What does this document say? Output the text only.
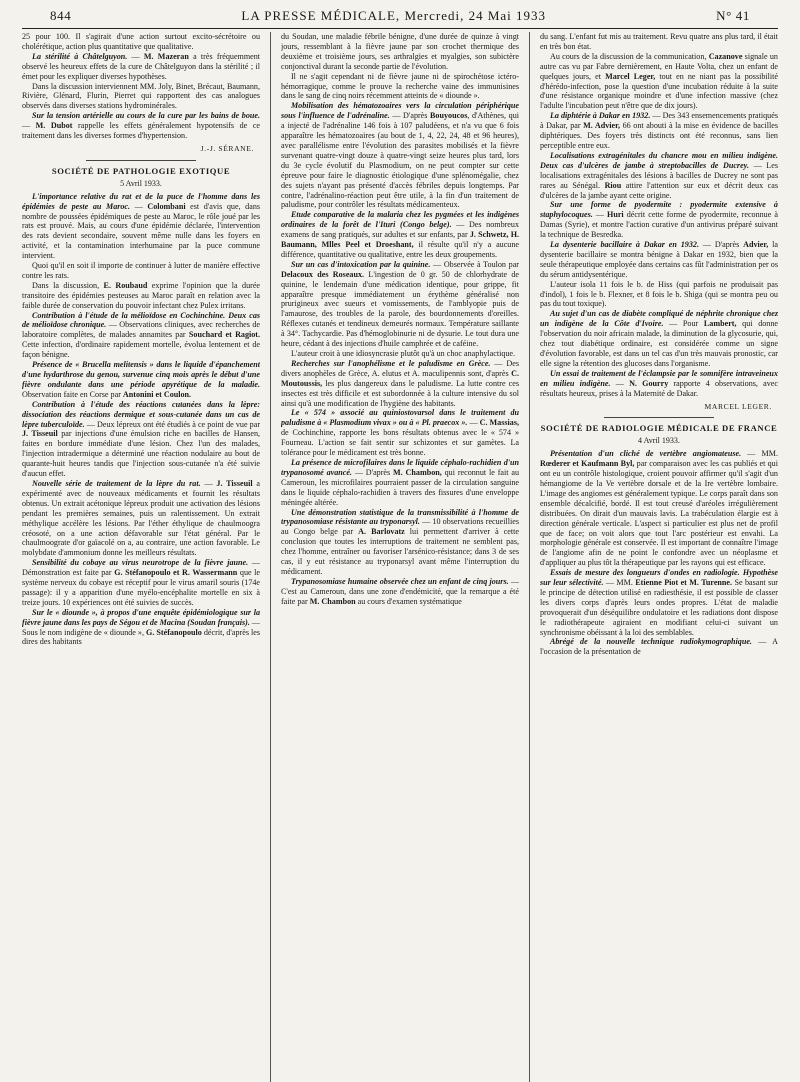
844	LA PRESSE MÉDICALE, Mercredi, 24 Mai 1933	N° 41

25 pour 100. Il s'agirait d'une action surtout excito-sécrétoire ou cholérétique, action plus quantitative que qualitative.

La stérilité à Châtelguyon. — M. Mazeran a très fréquemment observé les heureux effets de la cure de Châtelguyon dans la stérilité ; il émet pour les expliquer diverses hypothèses.

Dans la discussion interviennent MM. Joly, Binet, Brécaut, Baumann, Rivière, Glénard, Flurin, Pierret qui rapportent des cas analogues observés dans diverses stations hydrominérales.

Sur la tension artérielle au cours de la cure par les bains de boue. — M. Dubot rappelle les effets généralement hypotensifs de ce traitement dans les diverses formes d'hypertension.

J.-J. SÉRANE.
SOCIÉTÉ DE PATHOLOGIE EXOTIQUE
5 Avril 1933.

L'importance relative du rat et de la puce de l'homme dans les épidémies de peste au Maroc. — Colombani est d'avis que, dans nombre de poussées épidémiques de peste au Maroc, le rôle joué par les rats est prouvé. Mais, au cours d'une épidémie déclarée, l'intervention des rats devient secondaire, souvent même nulle dans les foyers en activité, et la contamination interhumaine par la puce commune intervient.

Quoi qu'il en soit il importe de continuer à lutter de manière effective contre les rats.

Dans la discussion, E. Roubaud exprime l'opinion que la durée transitoire des épidémies pesteuses au Maroc paraît en relation avec la faible durée de conservation du pouvoir infectant chez Pulex irritans.

Contribution à l'étude de la mélioïdose en Cochinchine. Deux cas de mélioïdose chronique. — Observations cliniques, avec recherches de laboratoire complètes, de malades annamites par Souchard et Ragiot. Cette infection, d'ordinaire rapidement mortelle, évolua lentement et de façon bénigne.

Présence de « Brucella melitensis » dans le liquide d'épanchement d'une hydarthrose du genou, survenue cinq mois après le début d'une fièvre ondulante dans une période apyrétique de la maladie. Observation faite en Corse par Antonini et Coulon.

Contribution à l'étude des réactions cutanées dans la lèpre: dissociation des réactions dermique et sous-cutanée dans un cas de lèpre tuberculoïde. — Deux lépreux ont été étudiés à ce point de vue par J. Tisseuil par injections d'une émulsion riche en bacilles de Hansen, faites en bordure immédiate d'une lésion. Chez l'un des malades, l'injection intradermique a déterminé une réaction nodulaire au bout de quarante-huit heures tandis que l'injection sous-cutanée n'a été suivie d'aucun effet.

Nouvelle série de traitement de la lèpre du rat. — J. Tisseuil a expérimenté avec de nouveaux médicaments et fournit les résultats obtenus. Un extrait acétonique lépreux produit une activation des lésions pendant les premières semaines, puis un ralentissement. Un extrait méthylique accélère les lésions. Par l'éther éthylique de chaulmoogra créosoté, on a une action défavorable sur l'état général. Par le chaulmoograte d'or gaïacolé on a, au contraire, une action favorable. Le molybdate d'ammonium donne les meilleurs résultats.

Sensibilité du cobaye au virus neurotrope de la fièvre jaune. — Démonstration est faite par G. Stéfanopoulo et R. Wassermann que le système nerveux du cobaye est réceptif pour le virus amaril souris (174e passage): il y a apparition d'une myélo-encéphalite mortelle en six à treize jours. 10 expériences ont été suivies de succès.

Sur le « diounde », à propos d'une enquête épidémiologique sur la fièvre jaune dans les pays de Ségou et de Macina (Soudan français). — Sous le nom indigène de « diounde », G. Stéfanopoulo décrit, d'après les dires des habitants

du Soudan, une maladie fébrile bénigne, d'une durée de quinze à vingt jours, ressemblant à la fièvre jaune par son crochet thermique des deuxième et troisième jours, ses arthralgies et myalgies, son subictère conjonctival durant la seconde partie de l'évolution.

Il ne s'agit cependant ni de fièvre jaune ni de spirochétose ictéro-hémorragique, comme le prouve la recherche vaine des immunisines dans le sang de cinq noirs récemment atteints de « diounde ».

Mobilisation des hématozoaires vers la circulation périphérique sous l'influence de l'adrénaline. — D'après Bouyoucos, d'Athènes, qui a injecté de l'adrénaline 146 fois à 107 paludéens, et n'a vu que 6 fois apparaître les hématozoaires (au bout de 1, 4, 22, 24, 48 et 96 heures), avec parallélisme entre l'évolution des parasites mobilisés et la fièvre survenant quatre-vingt douze à quatre-vingt seize heures plus tard, lors du 3e cycle évolutif du Plasmodium, on ne peut compter sur cette épreuve pour faire le diagnostic étiologique d'une splénomégalie, chez des sujets n'ayant pas présenté d'accès fébriles depuis longtemps. Par contre, l'adrénalino-réaction peut être utile, à la fin d'un traitement de paludisme, pour contrôler les résultats médicamenteux.

Etude comparative de la malaria chez les pygmées et les indigènes ordinaires de la forêt de l'Ituri (Congo belge). — Des nombreux examens de sang pratiqués, sur adultes et sur enfants, par J. Schwetz, H. Baumann, Mlles Peel et Droeshant, il résulte qu'il n'y a aucune différence, quantitative ou qualitative, entre les deux groupements.

Sur un cas d'intoxication par la quinine. — Observée à Toulon par Delacoux des Roseaux. L'ingestion de 0 gr. 50 de chlorhydrate de quinine, le lendemain d'une médication identique, pour grippe, fit apparaître presque immédiatement un érythème généralisé non prurigineux avec sueurs et vomissements, de l'amblyopie puis de l'amaurose, des troubles de la parole, des bourdonnements d'oreilles. Réflexes cutanés et tendineux demeurés normaux. Température saillante à 34°. Tachycardie. Pas d'hémoglobinurie ni de dysurie. Le tout dura une heure, cédant à des injections d'huile camphrée et de caféine.

L'auteur croit à une idiosyncrasie plutôt qu'à un choc anaphylactique.

Recherches sur l'anophélisme et le paludisme en Grèce. — Des divers anophèles de Grèce, A. elutus et A. maculipennis sont, d'après C. Moutoussis, les plus dangereux dans le paludisme. La lutte contre ces insectes est très difficile et est subordonnée à la culture intensive du sol ainsi qu'à une modification de l'hygiène des habitants.

Le « 574 » associé au quiniostovarsol dans le traitement du paludisme à « Plasmodium vivax » ou à « Pl. praecox ». — C. Massias, de Cochinchine, rapporte les bons résultats obtenus avec le « 574 » Fourneau. L'action se fait sentir sur schizontes et sur gamètes. La tolérance pour le médicament est très bonne.

La présence de microfilaires dans le liquide céphalo-rachidien d'un trypanosomé avancé. — D'après M. Chambon, qui reconnut le fait au Cameroun, les microfilaires pourraient passer de la circulation sanguine dans le liquide céphalo-rachidien à travers des fissures d'une enveloppe méningée altérée.

Une démonstration statistique de la transmissibilité à l'homme de trypanosomiase résistante au tryponarsyl. — 10 observations recueillies au Congo belge par A. Barlovatz lui permettent d'arriver à cette conclusion que toutes les interruptions de traitement ne semblent pas, chez l'homme, entraîner ou favoriser l'arsénico-résistance; dans 3 de ses cas, il y eut résistance au tryponarsyl avant même l'interruption du médicament.

Trypanosomiase humaine observée chez un enfant de cinq jours. — C'est au Cameroun, dans une zone d'endémicité, que la remarque a été faite par M. Chambon au cours d'examen systématique

du sang. L'enfant fut mis au traitement. Revu quatre ans plus tard, il était en très bon état.

Au cours de la discussion de la communication, Cazanove signale un autre cas vu par Fabre dernièrement, en Haute Volta, chez un enfant de quelques jours, et Marcel Leger, tout en ne niant pas la possibilité d'hérédo-infection, pose la question d'une incubation réduite à la suite d'une résistance organique moindre et d'une infection massive (chez l'adulte l'incubation peut n'être que de dix jours).

La diphtérie à Dakar en 1932. — Des 343 ensemencements pratiqués à Dakar, par M. Advier, 66 ont abouti à la mise en évidence de bacilles diphtériques. Des foyers très distincts ont été reconnus, sans lien perceptible entre eux.

Localisations extragénitales du chancre mou en milieu indigène. Deux cas d'ulcères de jambe à streptobacilles de Ducrey. — Les localisations extragénitales des lésions à bacilles de Ducrey ne sont pas rares au Sénégal. Riou attire l'attention sur eux et décrit deux cas d'ulcères de la jambe ayant cette origine.

Sur une forme de pyodermite : pyodermite extensive à staphylocoques. — Huri décrit cette forme de pyodermite, reconnue à Damas (Syrie), et montre l'action curative d'un antivirus préparé suivant la technique de Besredka.

La dysenterie bacillaire à Dakar en 1932. — D'après Advier, la dysenterie bacillaire se montra bénigne à Dakar en 1932, bien que la seule thérapeutique employée dans certains cas fût l'administration per os du sérum antidysentérique.

L'auteur isola 11 fois le b. de Hiss (qui parfois ne produisait pas d'indol), 1 fois le b. Flexner, et 8 fois le b. Shiga (qui se montra peu ou pas du tout toxique).

Au sujet d'un cas de diabète compliqué de néphrite chronique chez un indigène de la Côte d'Ivoire. — Pour Lambert, qui donne l'observation du noir africain malade, la diminution de la glycosurie, qui, chez tout diabétique ordinaire, est considérée comme un signe d'évolution favorable, est dans un tel cas d'un très mauvais pronostic, car elle signe la rétention des glucoses dans l'organisme.

Un essai de traitement de l'éclampsie par le somnifère intraveineux en milieu indigène. — N. Gourry rapporte 4 observations, avec résultats heureux, prises à la Maternité de Dakar.

MARCEL LEGER.
SOCIÉTÉ DE RADIOLOGIE MÉDICALE DE FRANCE
4 Avril 1933.

Présentation d'un cliché de vertèbre angiomateuse. — MM. Rœderer et Kaufmann Byl, par comparaison avec les cas publiés et qui ont eu un contrôle histologique, croient pouvoir affirmer qu'il s'agit d'un hémangiome de la Ve vertèbre dorsale et de la Ire vertèbre lombaire. L'image des angiomes est généralement typique. Le corps paraît dans son ensemble décalcifié, bordé. Il est tout creusé d'aréoles irrégulièrement distribuées. On dirait d'un mauvais lavis. La trabéculation élargie est à direction générale verticale. L'aspect si particulier est plus net de profil que de face; on voit alors que tout l'arc postérieur est envahi. La morphologie générale est conservée. Il est important de connaître l'image de l'angiome afin de ne point le confondre avec un néoplasme et d'appliquer au plus tôt la thérapeutique par les rayons qui est efficace.

Essais de mesure des longueurs d'ondes en radiologie. Hypothèse sur leur sélectivité. — MM. Etienne Piot et M. Turenne. Se basant sur le principe de détection utilisé en radiesthésie, il est possible de classer les divers corps d'après leurs ondes propres. L'état de maladie provoquerait d'un déséquilibre ondulatoire et les radiations dont dispose le radiothérapeute agiraient en modifiant celui-ci suivant un synchronisme obéissant à la loi des semblables.

Abrégé de la nouvelle technique radiokymographique. — A l'occasion de la présentation de
